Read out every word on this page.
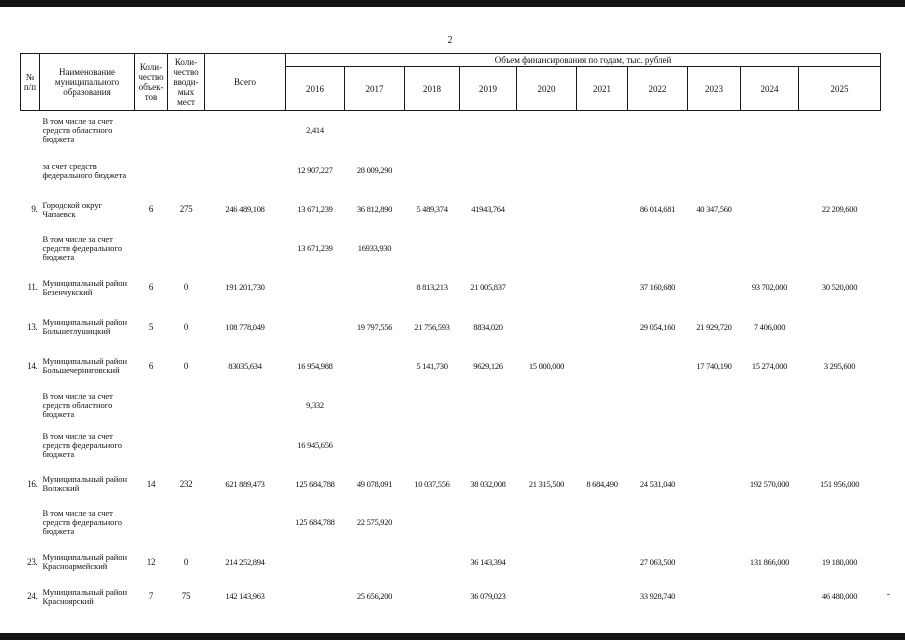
2
№ п/п	Наименование муниципального образования	Коли-чество объек-тов	Коли-чество вводи-мых мест	Всего	Объем финансирования по годам, тыс. рублей									
					2016	2017	2018	2019	2020	2021	2022	2023	2024	2025
	В том числе за счет средств областного бюджета				2,414									
	за счет средств федерального бюджета				12 907,227	28 009,290								
9.	Городской округ Чапаевск	6	275	246 489,108	13 671,239	36 812,890	5 489,374	41943,764			86 014,681	40 347,560		22 209,600
	В том числе за счет средств федерального бюджета				13 671,239	16933,930								
11.	Муниципальный район Безенчукский	6	0	191 201,730			8 813,213	21 005,837			37 160,680		93 702,000	30 520,000
13.	Муниципальный район Большеглушицкий	5	0	108 778,049		19 797,556	21 756,593	8834,020			29 054,160	21 929,720	7 406,000	
14.	Муниципальный район Большечерниговский	6	0	83035,634	16 954,988		5 141,730	9629,126	15 000,000			17 740,190	15 274,000	3 295,600
	В том числе за счет средств областного бюджета				9,332									
	В том числе за счет средств федерального бюджета				16 945,656									
16.	Муниципальный район Волжский	14	232	621 889,473	125 684,788	49 078,091	10 037,556	38 032,008	21 315,500	8 684,490	24 531,040		192 570,000	151 956,000
	В том числе за счет средств федерального бюджета				125 684,788	22 575,920								
23.	Муниципальный район Красноармейский	12	0	214 252,894				36 143,394			27 063,500		131 866,000	19 180,000
24.	Муниципальный район Красноярский	7	75	142 143,963		25 656,200		36 079,023			33 928,740			46 480,000
